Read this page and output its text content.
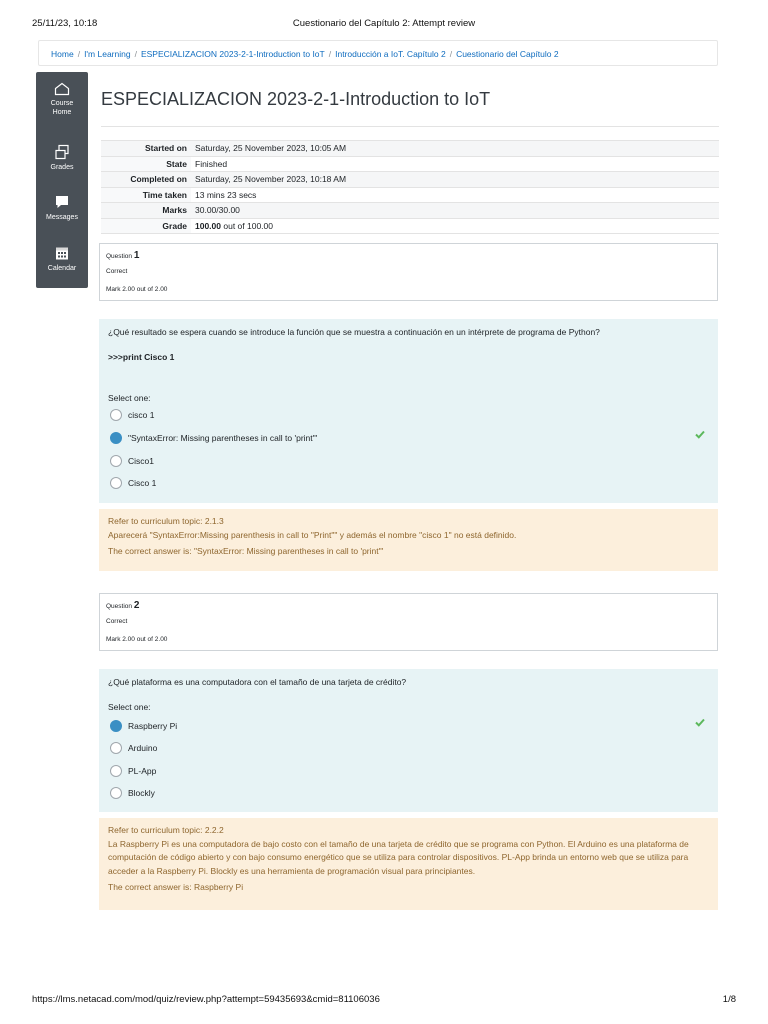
25/11/23, 10:18	Cuestionario del Capítulo 2: Attempt review
Home / I'm Learning / ESPECIALIZACION 2023-2-1-Introduction to IoT / Introducción a IoT. Capítulo 2 / Cuestionario del Capítulo 2
Course
Home
Grades
Messages
Calendar
ESPECIALIZACION 2023-2-1-Introduction to IoT
Started on	Saturday, 25 November 2023, 10:05 AM
State	Finished
Completed on	Saturday, 25 November 2023, 10:18 AM
Time taken	13 mins 23 secs
Marks	30.00/30.00
Grade	100.00 out of 100.00
Question 1
Correct
Mark 2.00 out of 2.00
¿Qué resultado se espera cuando se introduce la función que se muestra a continuación en un intérprete de programa de Python?
>>>print Cisco 1
Select one:
cisco 1
"SyntaxError: Missing parentheses in call to 'print'"
Cisco1
Cisco 1

Refer to curriculum topic: 2.1.3

Aparecerá "SyntaxError:Missing parenthesis in call to "Print"" y además el nombre "cisco 1" no está definido.

The correct answer is: "SyntaxError: Missing parentheses in call to 'print'"

Question 2
Correct
Mark 2.00 out of 2.00
¿Qué plataforma es una computadora con el tamaño de una tarjeta de crédito?
Select one:
Raspberry Pi
Arduino
PL-App
Blockly

Refer to curriculum topic: 2.2.2

La Raspberry Pi es una computadora de bajo costo con el tamaño de una tarjeta de crédito que se programa con Python. El Arduino es una plataforma de computación de código abierto y con bajo consumo energético que se utiliza para controlar dispositivos. PL-App brinda un entorno web que se utiliza para acceder a la Raspberry Pi. Blockly es una herramienta de programación visual para principiantes.

The correct answer is: Raspberry Pi

https://lms.netacad.com/mod/quiz/review.php?attempt=59435693&cmid=81106036	1/8
